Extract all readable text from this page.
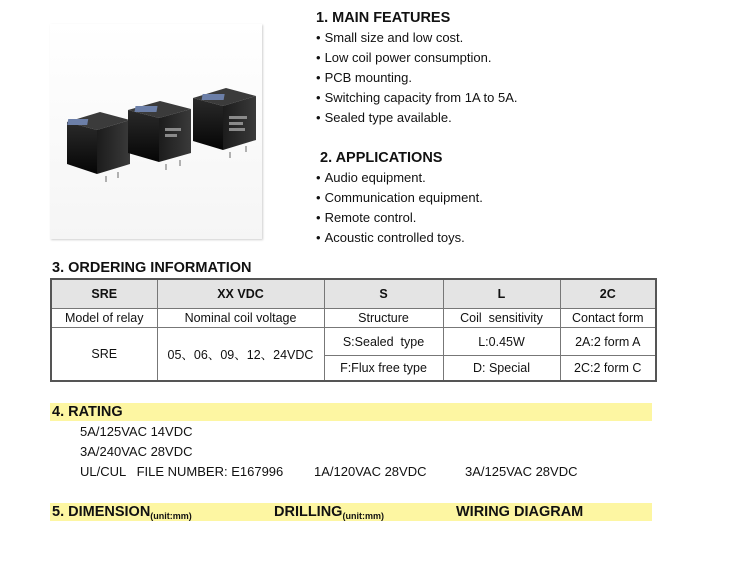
1. MAIN FEATURES
• Small size and low cost.
• Low coil power consumption.
• PCB mounting.
• Switching capacity from 1A to 5A.
• Sealed type available.
2. APPLICATIONS
• Audio equipment.
• Communication equipment.
• Remote control.
• Acoustic controlled toys.
3. ORDERING INFORMATION
SRE	XX VDC	S	L	2C
Model of relay	Nominal coil voltage	Structure	Coil  sensitivity	Contact form
SRE	05、06、09、12、24VDC	S:Sealed  type	L:0.45W	2A:2 form A
		F:Flux free type	D: Special	2C:2 form C
4. RATING
5A/125VAC 14VDC
3A/240VAC 28VDC
UL/CUL   FILE NUMBER: E167996 1A/120VAC 28VDC	3A/125VAC 28VDC
5. $DIMENSION_{(unit:mm)}$	$DRILLING_{(unit:mm)}$	WIRING DIAGRAM
